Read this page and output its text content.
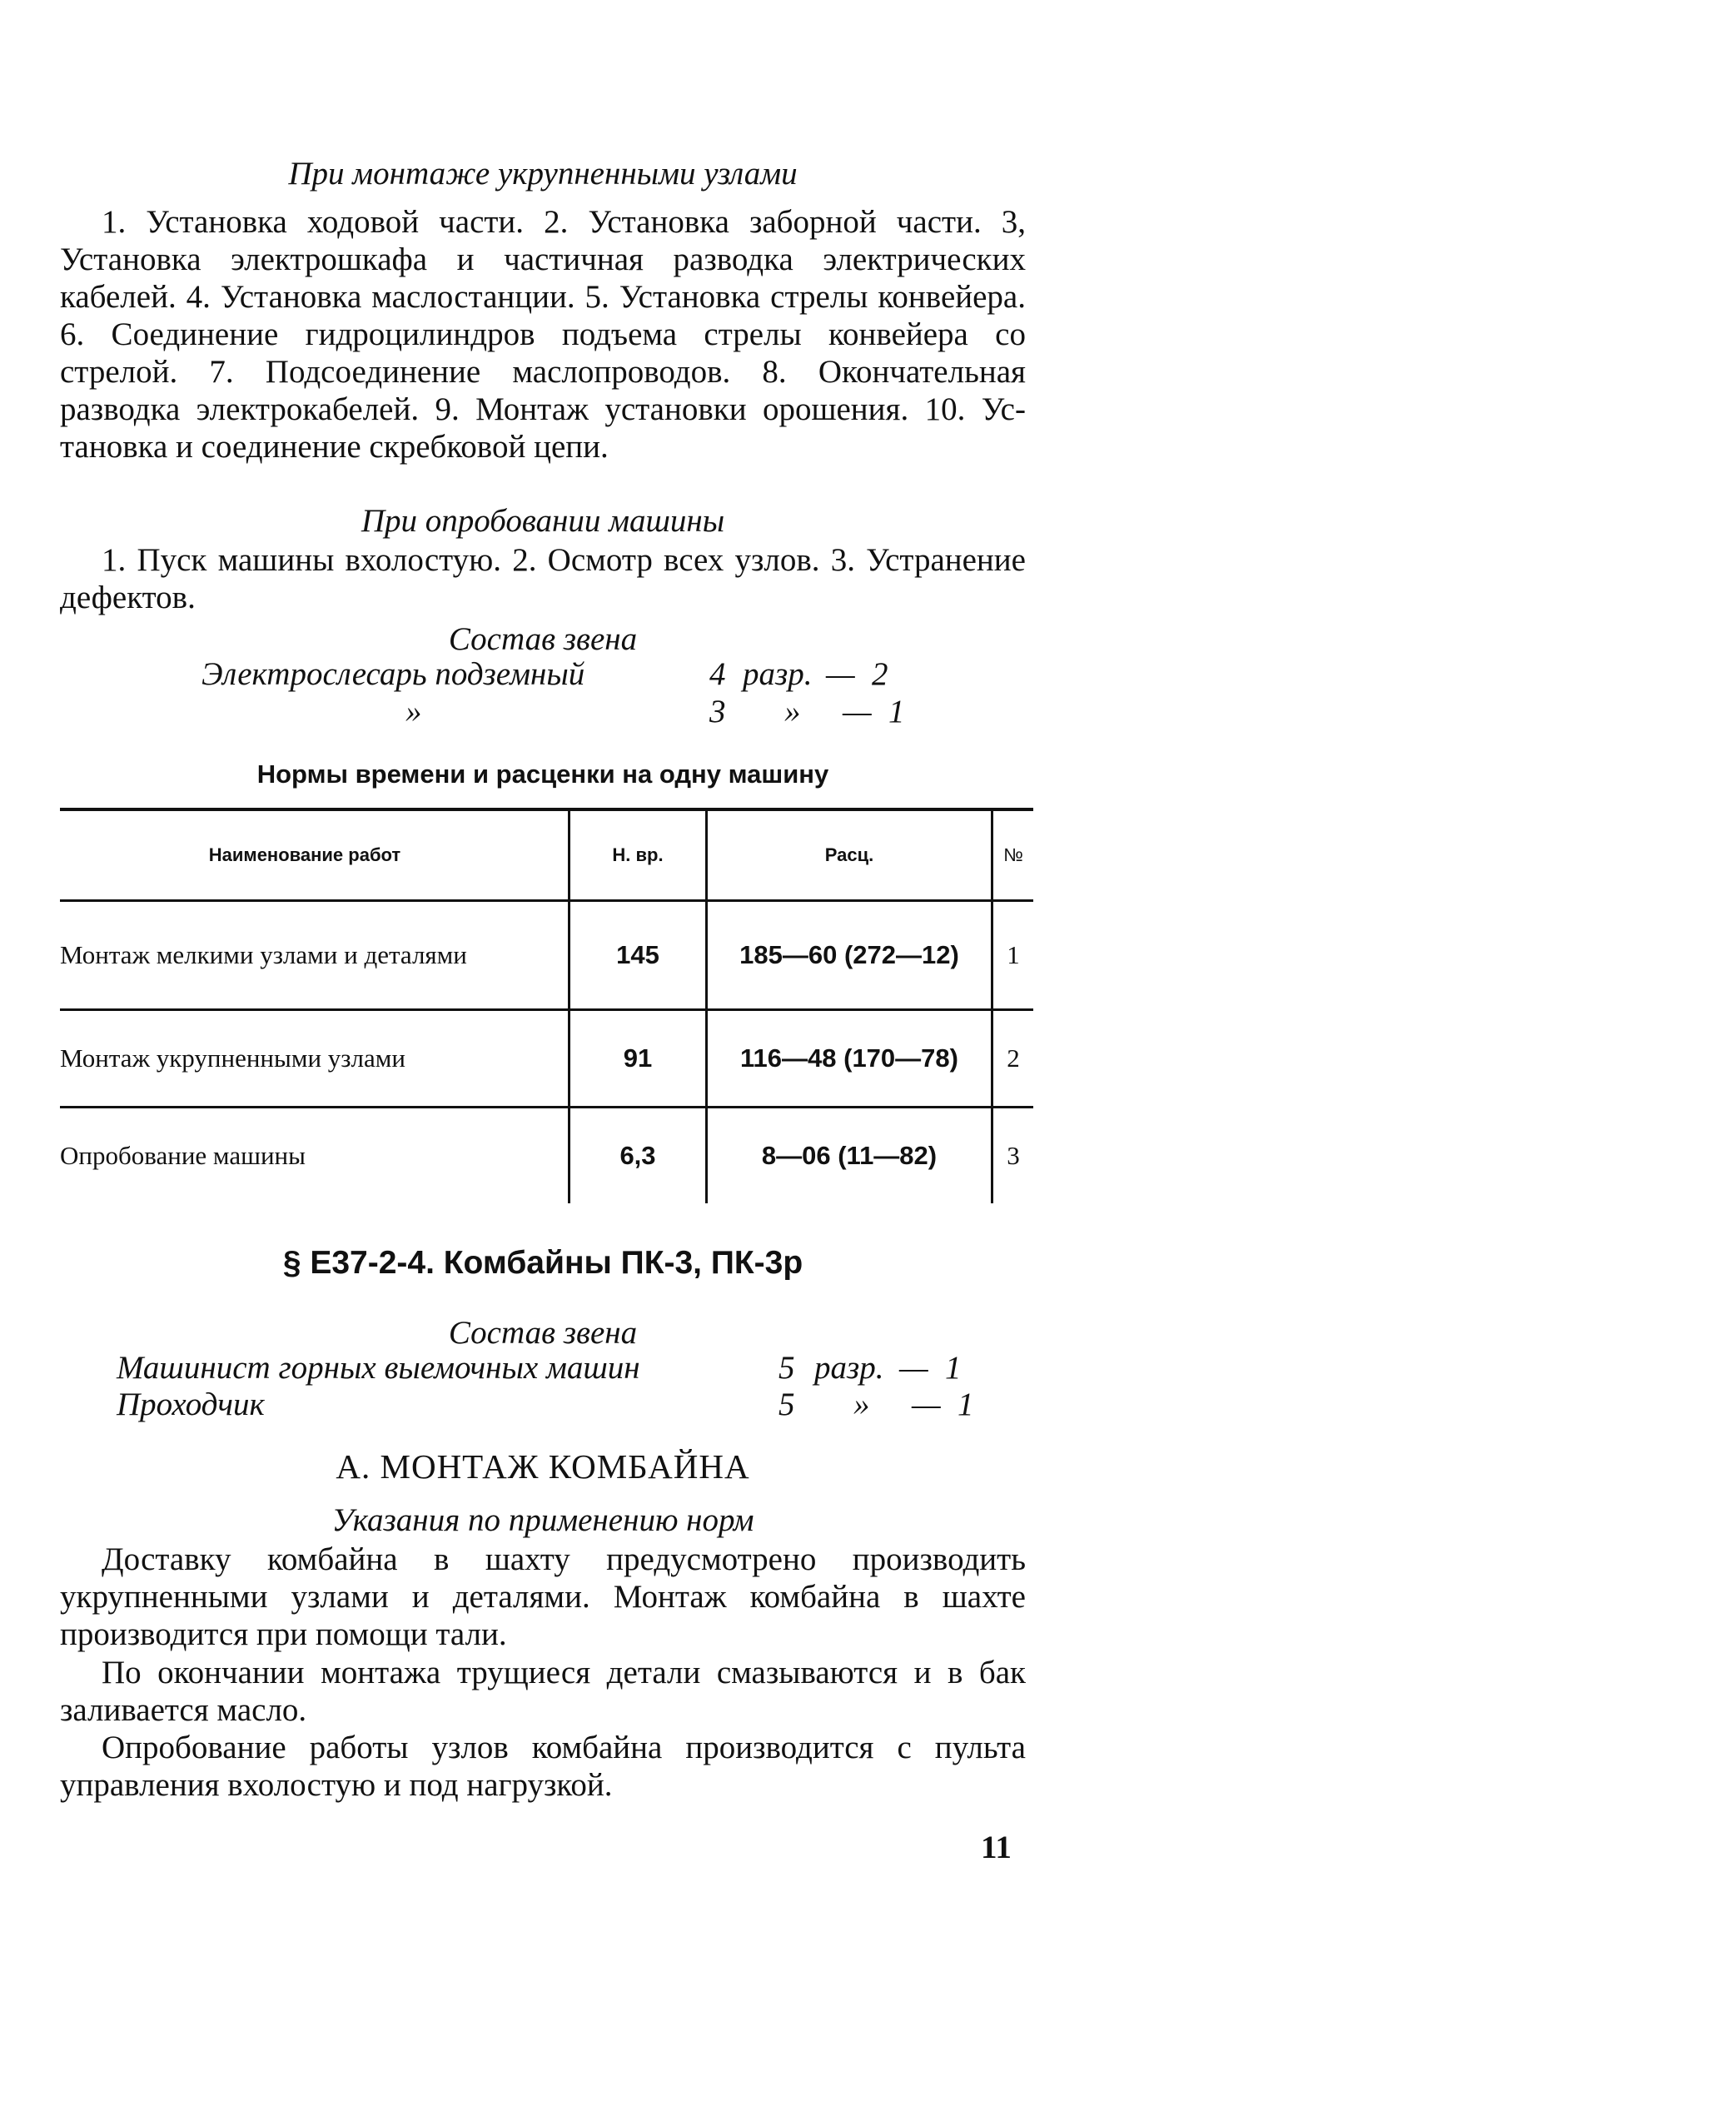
При монтаже укрупненными узлами
1. Установка ходовой части. 2. Установка заборной части. 3, Установка электрошкафа и частичная разводка электрических кабелей. 4. Установка маслостанции. 5. Установка стрелы конвейера. 6. Соединение гидроцилиндров подъема стрелы конвейера со стрелой. 7. Подсоединение маслопроводов. 8. Окончательная разводка электрокабелей. 9. Монтаж установки орошения. 10. Установка и соединение скребковой цепи.
При опробовании машины
1. Пуск машины вхолостую. 2. Осмотр всех узлов. 3. Устранение дефектов.
Состав звена
Электрослесарь подземный	4 разр. — 2
»	3 » — 1
Нормы времени и расценки на одну машину
Наименование работ	Н. вр.	Расц.	№
Монтаж мелкими узлами и деталями	145	185—60 (272—12)	1
Монтаж укрупненными узлами	91	116—48 (170—78)	2
Опробование машины	6,3	8—06 (11—82)	3
§ Е37-2-4. Комбайны ПК-3, ПК-3р
Состав звена
Машинист горных выемочных машин	5 разр. — 1
Проходчик	5 » — 1
А. МОНТАЖ КОМБАЙНА
Указания по применению норм
Доставку комбайна в шахту предусмотрено производить укрупненными узлами и деталями. Монтаж комбайна в шахте производится при помощи тали.
По окончании монтажа трущиеся детали смазываются и в бак заливается масло.
Опробование работы узлов комбайна производится с пульта управления вхолостую и под нагрузкой.
11
